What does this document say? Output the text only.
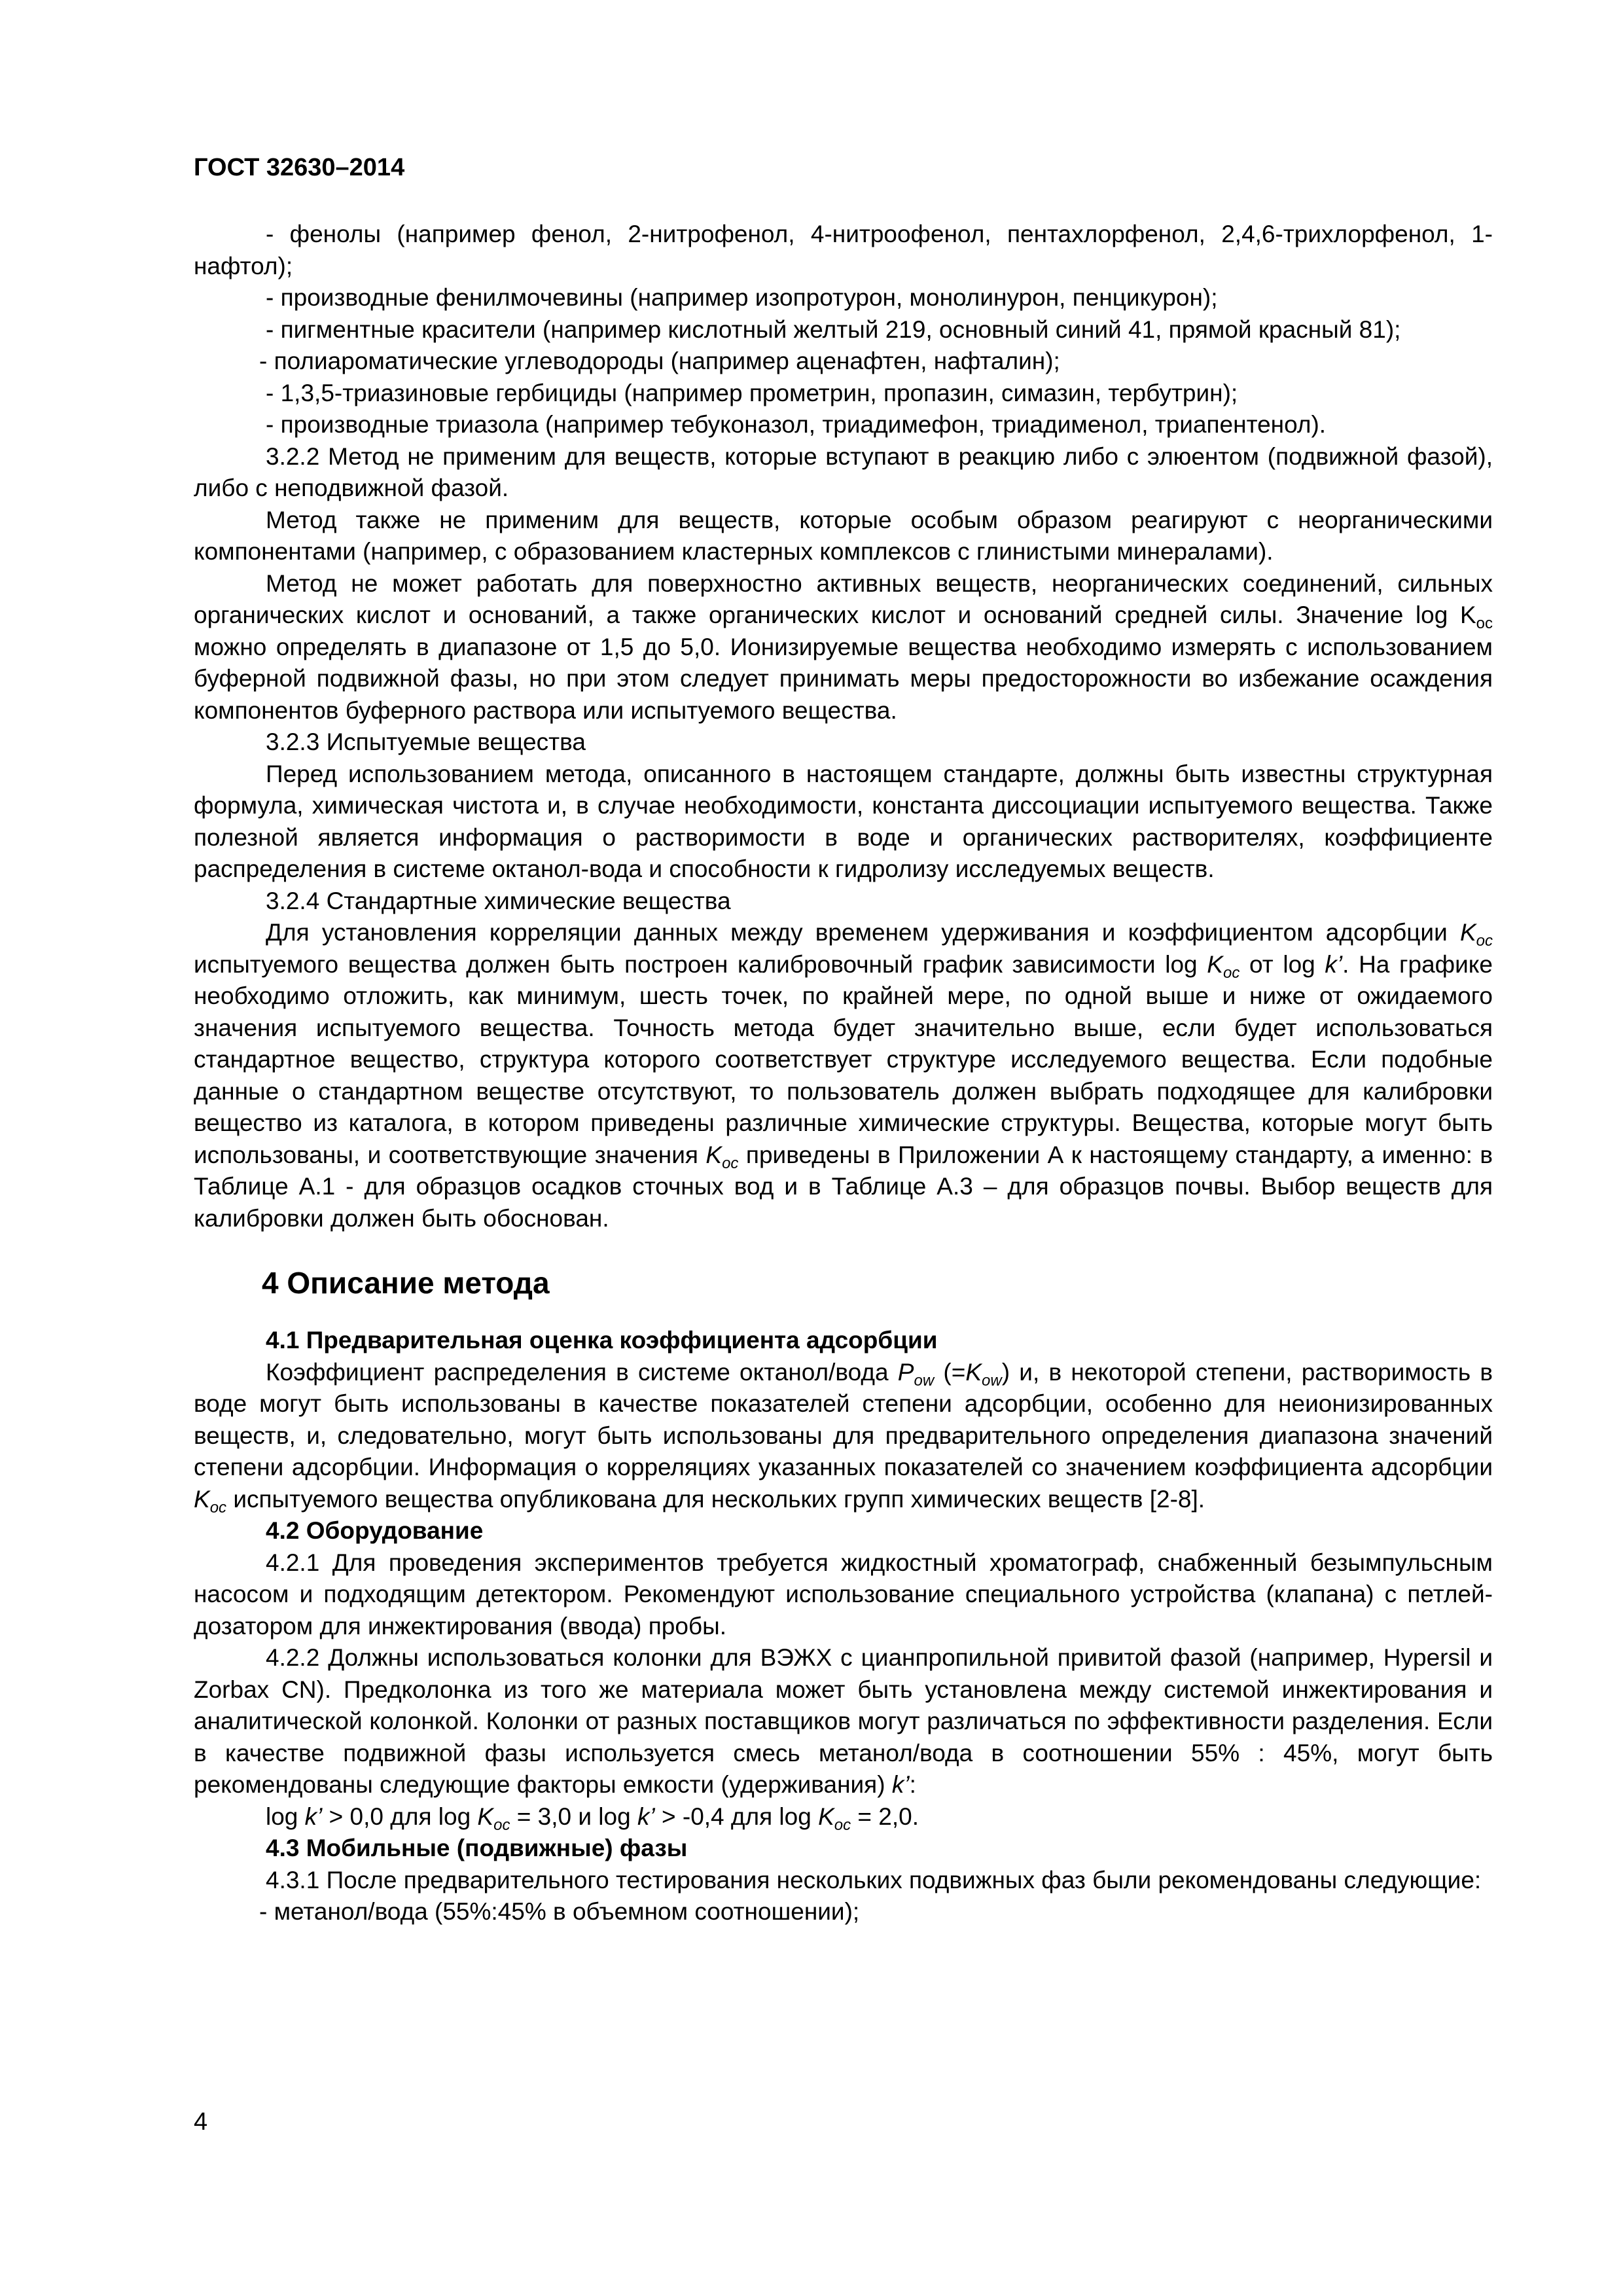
ГОСТ 32630–2014

- фенолы (например фенол, 2-нитрофенол, 4-нитроофенол, пентахлорфенол, 2,4,6-трихлорфенол, 1-нафтол);

- производные фенилмочевины (например изопротурон, монолинурон, пенцикурон);

- пигментные красители (например кислотный желтый 219, основный синий 41, прямой красный 81);

- полиароматические углеводороды (например аценафтен, нафталин);

- 1,3,5-триазиновые гербициды (например прометрин, пропазин, симазин, тербутрин);

- производные триазола (например тебуконазол, триадимефон, триадименол, триапентенол).

3.2.2 Метод не применим для веществ, которые вступают в реакцию либо с элюентом (подвижной фазой), либо с неподвижной фазой.

Метод также не применим для веществ, которые особым образом реагируют с неорганическими компонентами (например, с образованием кластерных комплексов с глинистыми минералами).

Метод не может работать для поверхностно активных веществ, неорганических соединений, сильных органических кислот и оснований, а также органических кислот и оснований средней силы. Значение $\log K_{oc}$ можно определять в диапазоне от 1,5 до 5,0. Ионизируемые вещества необходимо измерять с использованием буферной подвижной фазы, но при этом следует принимать меры предосторожности во избежание осаждения компонентов буферного раствора или испытуемого вещества.

3.2.3 Испытуемые вещества

Перед использованием метода, описанного в настоящем стандарте, должны быть известны структурная формула, химическая чистота и, в случае необходимости, константа диссоциации испытуемого вещества. Также полезной является информация о растворимости в воде и органических растворителях, коэффициенте распределения в системе октанол-вода и способности к гидролизу исследуемых веществ.

3.2.4 Стандартные химические вещества

Для установления корреляции данных между временем удерживания и коэффициентом адсорбции $K_{oc}$ испытуемого вещества должен быть построен калибровочный график зависимости $\log K_{oc}$ от log k’. На графике необходимо отложить, как минимум, шесть точек, по крайней мере, по одной выше и ниже от ожидаемого значения испытуемого вещества. Точность метода будет значительно выше, если будет использоваться стандартное вещество, структура которого соответствует структуре исследуемого вещества. Если подобные данные о стандартном веществе отсутствуют, то пользователь должен выбрать подходящее для калибровки вещество из каталога, в котором приведены различные химические структуры. Вещества, которые могут быть использованы, и соответствующие значения $K_{oc}$ приведены в Приложении А к настоящему стандарту, а именно: в Таблице А.1 - для образцов осадков сточных вод и в Таблице А.3 – для образцов почвы. Выбор веществ для калибровки должен быть обоснован.

4 Описание метода

4.1 Предварительная оценка коэффициента адсорбции

Коэффициент распределения в системе октанол/вода $P_{ow}$ $(=K_{ow})$ и, в некоторой степени, растворимость в воде могут быть использованы в качестве показателей степени адсорбции, особенно для неионизированных веществ, и, следовательно, могут быть использованы для предварительного определения диапазона значений степени адсорбции. Информация о корреляциях указанных показателей со значением коэффициента адсорбции $K_{oc}$ испытуемого вещества опубликована для нескольких групп химических веществ [2-8].

4.2 Оборудование

4.2.1 Для проведения экспериментов требуется жидкостный хроматограф, снабженный безымпульсным насосом и подходящим детектором. Рекомендуют использование специального устройства (клапана) с петлей-дозатором для инжектирования (ввода) пробы.

4.2.2 Должны использоваться колонки для ВЭЖХ с цианпропильной привитой фазой (например, Hypersil и Zorbax CN). Предколонка из того же материала может быть установлена между системой инжектирования и аналитической колонкой. Колонки от разных поставщиков могут различаться по эффективности разделения. Если в качестве подвижной фазы используется смесь метанол/вода в соотношении 55% : 45%, могут быть рекомендованы следующие факторы емкости (удерживания) k’:

log k’ > 0,0 для $\log K_{oc} = 3,0$ и log k’ > -0,4 для $\log K_{oc} = 2,0$.

4.3 Мобильные (подвижные) фазы

4.3.1 После предварительного тестирования нескольких подвижных фаз были рекомендованы следующие:

- метанол/вода (55%:45% в объемном соотношении);

4
